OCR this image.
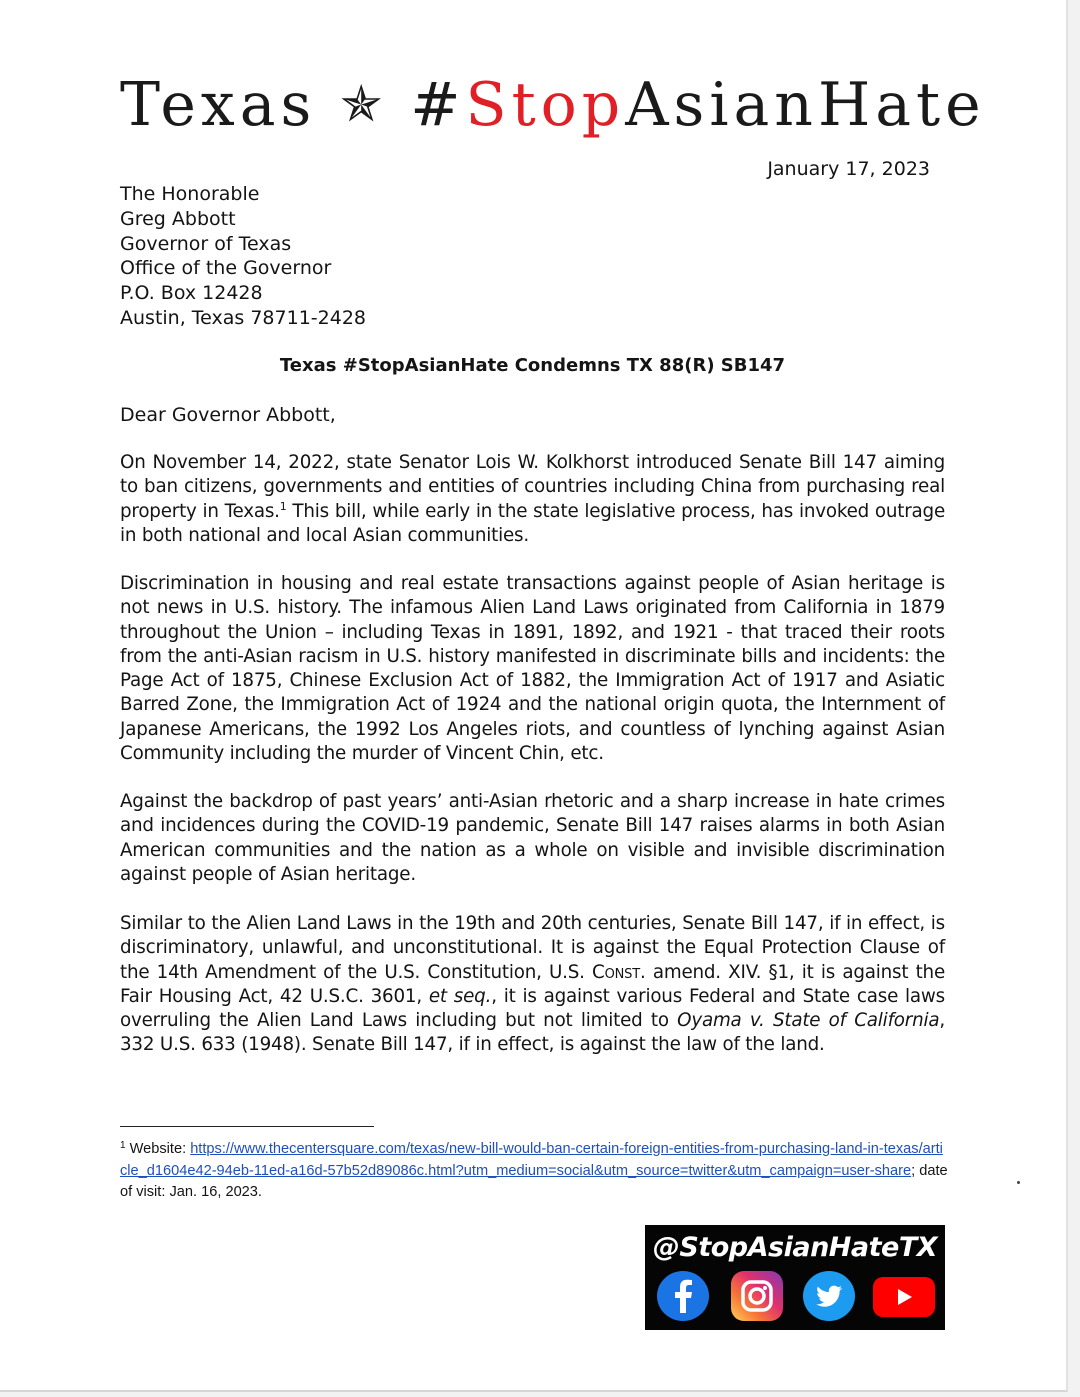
Texas ✯ #StopAsianHate
January 17, 2023
The Honorable
Greg Abbott
Governor of Texas
Office of the Governor
P.O. Box 12428
Austin, Texas 78711-2428
Texas #StopAsianHate Condemns TX 88(R) SB147
Dear Governor Abbott,

On November 14, 2022, state Senator Lois W. Kolkhorst introduced Senate Bill 147 aiming to ban citizens, governments and entities of countries including China from purchasing real property in Texas.$^1$ This bill, while early in the state legislative process, has invoked outrage in both national and local Asian communities.

Discrimination in housing and real estate transactions against people of Asian heritage is not news in U.S. history. The infamous Alien Land Laws originated from California in 1879 throughout the Union – including Texas in 1891, 1892, and 1921 - that traced their roots from the anti-Asian racism in U.S. history manifested in discriminate bills and incidents: the Page Act of 1875, Chinese Exclusion Act of 1882, the Immigration Act of 1917 and Asiatic Barred Zone, the Immigration Act of 1924 and the national origin quota, the Internment of Japanese Americans, the 1992 Los Angeles riots, and countless of lynching against Asian Community including the murder of Vincent Chin, etc.

Against the backdrop of past years’ anti-Asian rhetoric and a sharp increase in hate crimes and incidences during the COVID-19 pandemic, Senate Bill 147 raises alarms in both Asian American communities and the nation as a whole on visible and invisible discrimination against people of Asian heritage.

Similar to the Alien Land Laws in the 19th and 20th centuries, Senate Bill 147, if in effect, is discriminatory, unlawful, and unconstitutional. It is against the Equal Protection Clause of the 14th Amendment of the U.S. Constitution, U.S. Const. amend. XIV. §1, it is against the Fair Housing Act, 42 U.S.C. 3601, et seq., it is against various Federal and State case laws overruling the Alien Land Laws including but not limited to Oyama v. State of California, 332 U.S. 633 (1948). Senate Bill 147, if in effect, is against the law of the land.

$^1$ Website: https://www.thecentersquare.com/texas/new-bill-would-ban-certain-foreign-entities-from-purchasing-land-in-texas/article_d1604e42-94eb-11ed-a16d-57b52d89086c.html?utm_medium=social&utm_source=twitter&utm_campaign=user-share; date of visit: Jan. 16, 2023.
@StopAsianHateTX
